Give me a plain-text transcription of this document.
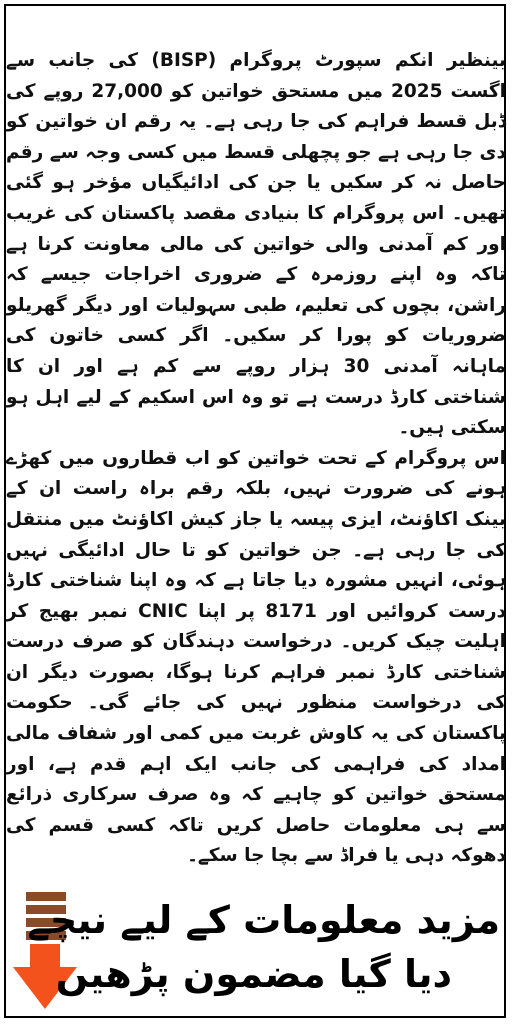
بینظیر انکم سپورٹ پروگرام (BISP) کی جانب سے اگست 2025 میں مستحق خواتین کو 27,000 روپے کی ڈبل قسط فراہم کی جا رہی ہے۔ یہ رقم ان خواتین کو دی جا رہی ہے جو پچھلی قسط میں کسی وجہ سے رقم حاصل نہ کر سکیں یا جن کی ادائیگیاں مؤخر ہو گئی تھیں۔ اس پروگرام کا بنیادی مقصد پاکستان کی غریب اور کم آمدنی والی خواتین کی مالی معاونت کرنا ہے تاکہ وہ اپنے روزمرہ کے ضروری اخراجات جیسے کہ راشن، بچوں کی تعلیم، طبی سہولیات اور دیگر گھریلو ضروریات کو پورا کر سکیں۔ اگر کسی خاتون کی ماہانہ آمدنی 30 ہزار روپے سے کم ہے اور ان کا شناختی کارڈ درست ہے تو وہ اس اسکیم کے لیے اہل ہو سکتی ہیں۔

اس پروگرام کے تحت خواتین کو اب قطاروں میں کھڑے ہونے کی ضرورت نہیں، بلکہ رقم براہ راست ان کے بینک اکاؤنٹ، ایزی پیسہ یا جاز کیش اکاؤنٹ میں منتقل کی جا رہی ہے۔ جن خواتین کو تا حال ادائیگی نہیں ہوئی، انہیں مشورہ دیا جاتا ہے کہ وہ اپنا شناختی کارڈ درست کروائیں اور 8171 پر اپنا CNIC نمبر بھیج کر اہلیت چیک کریں۔ درخواست دہندگان کو صرف درست شناختی کارڈ نمبر فراہم کرنا ہوگا، بصورت دیگر ان کی درخواست منظور نہیں کی جائے گی۔ حکومت پاکستان کی یہ کاوش غربت میں کمی اور شفاف مالی امداد کی فراہمی کی جانب ایک اہم قدم ہے، اور مستحق خواتین کو چاہیے کہ وہ صرف سرکاری ذرائع سے ہی معلومات حاصل کریں تاکہ کسی قسم کی دھوکہ دہی یا فراڈ سے بچا جا سکے۔

مزید معلومات کے لیے نیچے
دیا گیا مضمون پڑھیں
